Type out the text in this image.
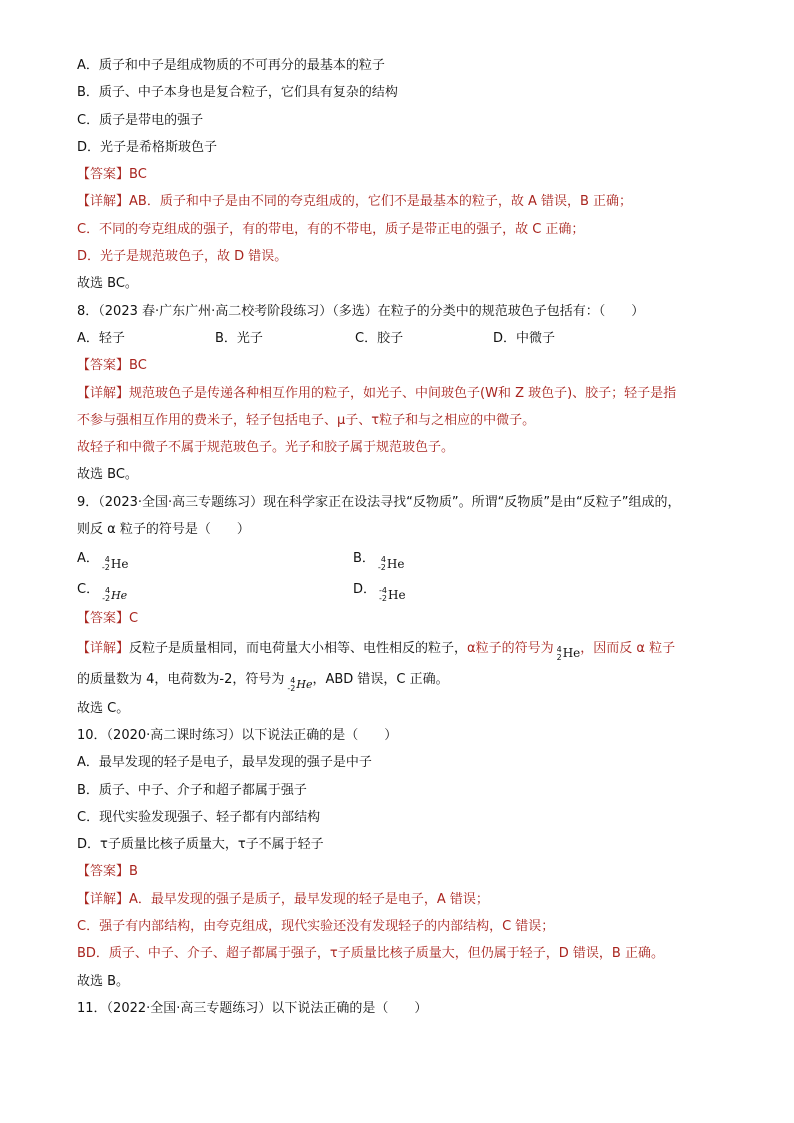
A．质子和中子是组成物质的不可再分的最基本的粒子
B．质子、中子本身也是复合粒子，它们具有复杂的结构
C．质子是带电的强子
D．光子是希格斯玻色子
【答案】BC
【详解】AB．质子和中子是由不同的夸克组成的，它们不是最基本的粒子，故 A 错误，B 正确；
C．不同的夸克组成的强子，有的带电，有的不带电，质子是带正电的强子，故 C 正确；
D．光子是规范玻色子，故 D 错误。
故选 BC。
8．（2023 春·广东广州·高二校考阶段练习）（多选）在粒子的分类中的规范玻色子包括有：（　　）
A．轻子	B．光子	C．胶子	D．中微子
【答案】BC
【详解】规范玻色子是传递各种相互作用的粒子，如光子、中间玻色子(W和 Z 玻色子)、胶子；轻子是指
不参与强相互作用的费米子，轻子包括电子、μ子、τ粒子和与之相应的中微子。
故轻子和中微子不属于规范玻色子。光子和胶子属于规范玻色子。
故选 BC。
9．（2023·全国·高三专题练习）现在科学家正在设法寻找“反物质”。所谓“反物质”是由“反粒子”组成的，
则反 α 粒子的符号是（　　）
A． 4
-2 He	B． 4
-2 He
C． 4
-2 He	D． -4
-2 He
【答案】C
【详解】反粒子是质量相同，而电荷量大小相等、电性相反的粒子，α粒子的符号为 4
2 He ，因而反 α 粒子
的质量数为 4，电荷数为-2，符号为 4
-2 He ，ABD 错误，C 正确。
故选 C。
10．（2020·高二课时练习）以下说法正确的是（　　）
A．最早发现的轻子是电子，最早发现的强子是中子
B．质子、中子、介子和超子都属于强子
C．现代实验发现强子、轻子都有内部结构
D．τ子质量比核子质量大，τ子不属于轻子
【答案】B
【详解】A．最早发现的强子是质子，最早发现的轻子是电子，A 错误；
C．强子有内部结构，由夸克组成，现代实验还没有发现轻子的内部结构，C 错误；
BD．质子、中子、介子、超子都属于强子，τ子质量比核子质量大，但仍属于轻子，D 错误，B 正确。
故选 B。
11．（2022·全国·高三专题练习）以下说法正确的是（　　）
